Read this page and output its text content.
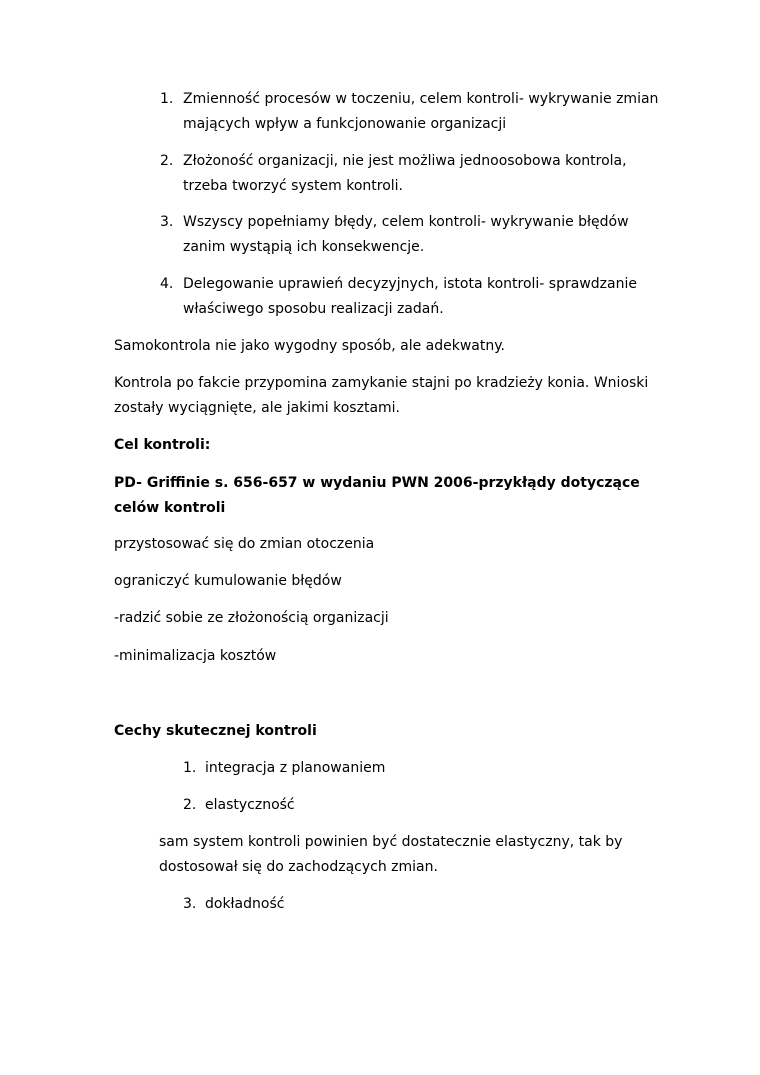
1. Zmienność procesów w toczeniu, celem kontroli- wykrywanie zmian
mających wpływ a funkcjonowanie organizacji
2. Złożoność organizacji, nie jest możliwa jednoosobowa kontrola,
trzeba tworzyć system kontroli.
3. Wszyscy popełniamy błędy, celem kontroli- wykrywanie błędów
zanim wystąpią ich konsekwencje.
4. Delegowanie uprawień decyzyjnych, istota kontroli- sprawdzanie
właściwego sposobu realizacji zadań.
Samokontrola nie jako wygodny sposób, ale adekwatny.
Kontrola po fakcie przypomina zamykanie stajni po kradzieży konia. Wnioski
zostały wyciągnięte, ale jakimi kosztami.
Cel kontroli:
PD- Griffinie s. 656-657 w wydaniu PWN 2006-przykłądy dotyczące
celów kontroli
przystosować się do zmian otoczenia
ograniczyć kumulowanie błędów
-radzić sobie ze złożonością organizacji
-minimalizacja kosztów
Cechy skutecznej kontroli
1. integracja z planowaniem
2. elastyczność
sam system kontroli powinien być dostatecznie elastyczny, tak by
dostosował się do zachodzących zmian.
3. dokładność
